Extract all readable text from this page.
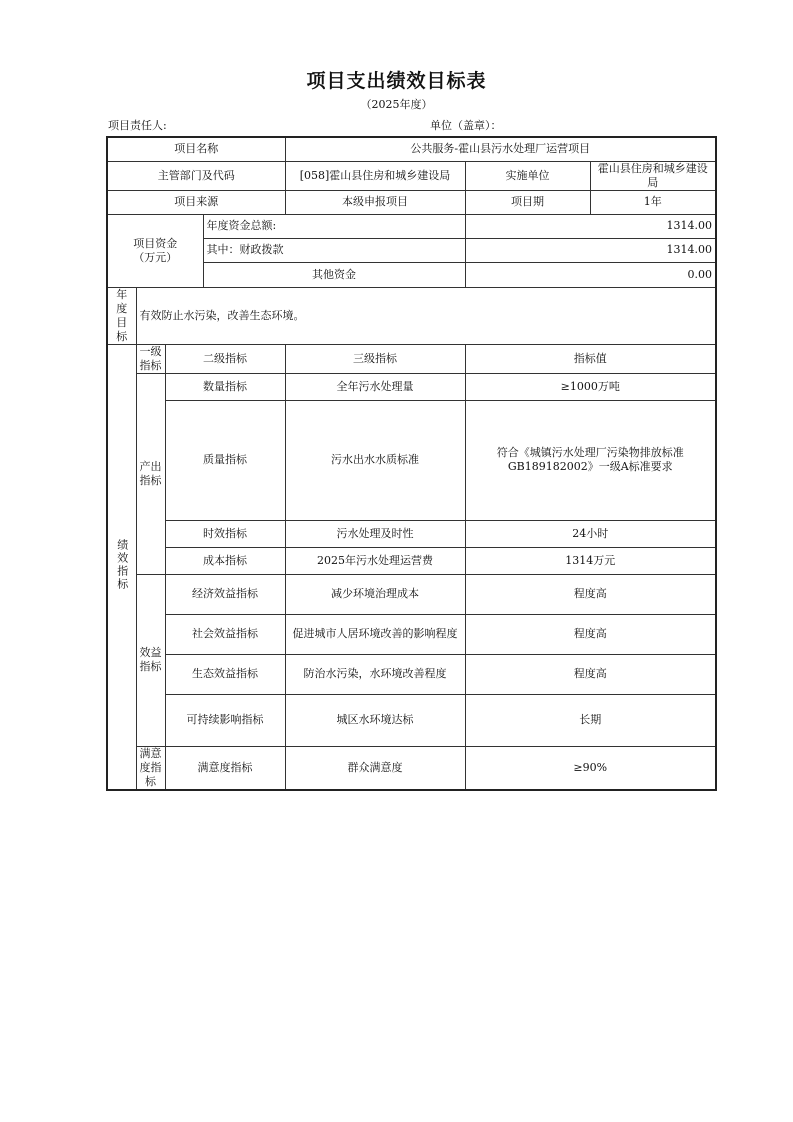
项目支出绩效目标表
（2025年度）
项目责任人:	单位（盖章）：
项目名称				公共服务-霍山县污水处理厂运营项目		
主管部门及代码				[058]霍山县住房和城乡建设局	实施单位	霍山县住房和城乡建设局
项目来源				本级申报项目	项目期	1年

项目资金
（万元）			年度资金总额:		1314.00	
			其中：财政拨款		1314.00	
			其他资金		0.00	

年度
目标	有效防止水污染，改善生态环境。					
绩效指标	一级指标	二级指标		三级指标	指标值	
	产出指标	数量指标		全年污水处理量	≥1000万吨	
		质量指标		污水出水水质标准	符合《城镇污水处理厂污染物排放标准GB189182002》一级A标准要求	
		时效指标		污水处理及时性	24小时	
		成本指标		2025年污水处理运营费	1314万元	
	效益指标	经济效益指标		减少环境治理成本	程度高	
		社会效益指标		促进城市人居环境改善的影响程度	程度高	
		生态效益指标		防治水污染，水环境改善程度	程度高	
		可持续影响指标		城区水环境达标	长期	
	满意度指标	满意度指标		群众满意度	≥90%	
